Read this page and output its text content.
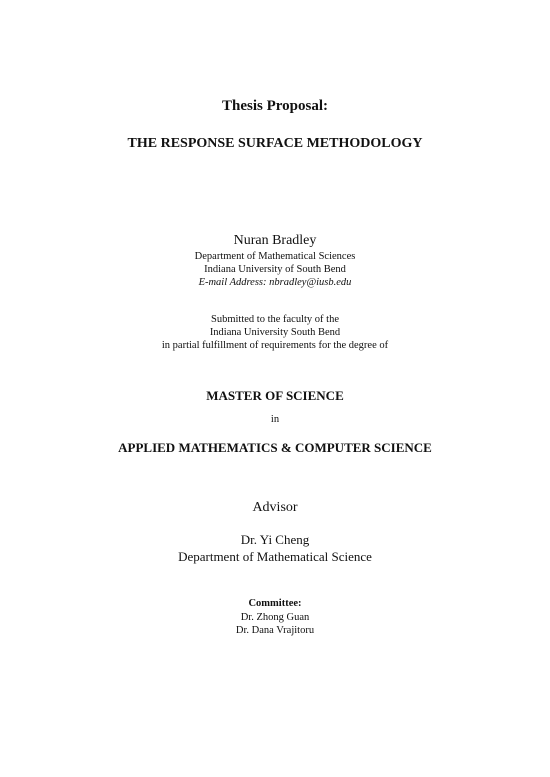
Thesis Proposal:
THE RESPONSE SURFACE METHODOLOGY
Nuran Bradley
Department of Mathematical Sciences
Indiana University of South Bend
E-mail Address: nbradley@iusb.edu
Submitted to the faculty of the
Indiana University South Bend
in partial fulfillment of requirements for the degree of
MASTER OF SCIENCE
in
APPLIED MATHEMATICS & COMPUTER SCIENCE
Advisor
Dr. Yi Cheng
Department of Mathematical Science
Committee:
Dr. Zhong Guan
Dr. Dana Vrajitoru
